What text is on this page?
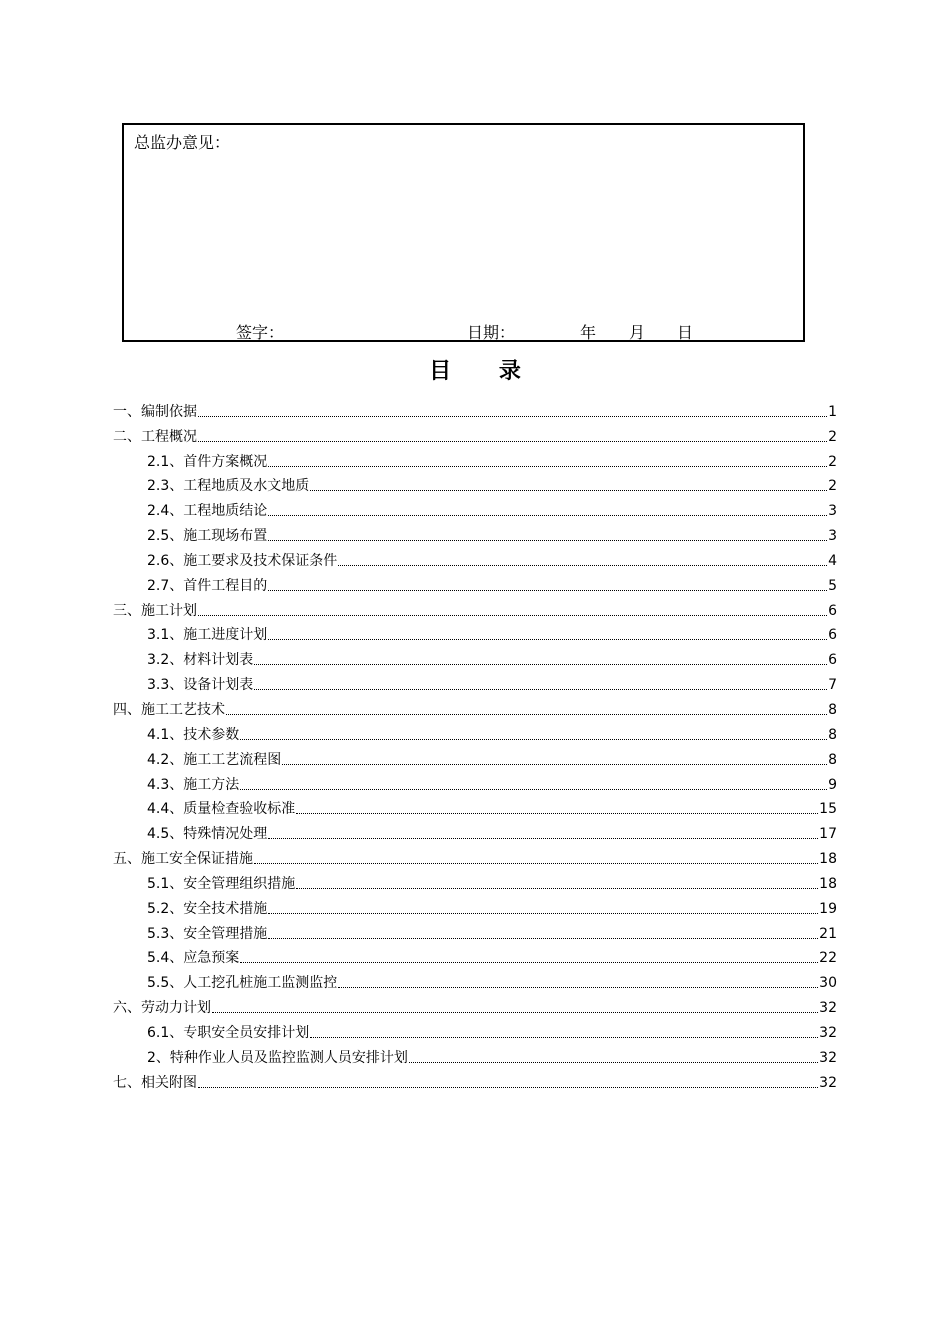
总监办意见：
签字：	日期：	年 月 日
目 录
一、编制依据	1
二、工程概况	2
2.1、首件方案概况	2
2.3、工程地质及水文地质	2
2.4、工程地质结论	3
2.5、施工现场布置	3
2.6、施工要求及技术保证条件	4
2.7、首件工程目的	5
三、施工计划	6
3.1、施工进度计划	6
3.2、材料计划表	6
3.3、设备计划表	7
四、施工工艺技术	8
4.1、技术参数	8
4.2、施工工艺流程图	8
4.3、施工方法	9
4.4、质量检查验收标准	15
4.5、特殊情况处理	17
五、施工安全保证措施	18
5.1、安全管理组织措施	18
5.2、安全技术措施	19
5.3、安全管理措施	21
5.4、应急预案	22
5.5、人工挖孔桩施工监测监控	30
六、劳动力计划	32
6.1、专职安全员安排计划	32
2、特种作业人员及监控监测人员安排计划	32
七、相关附图	32
